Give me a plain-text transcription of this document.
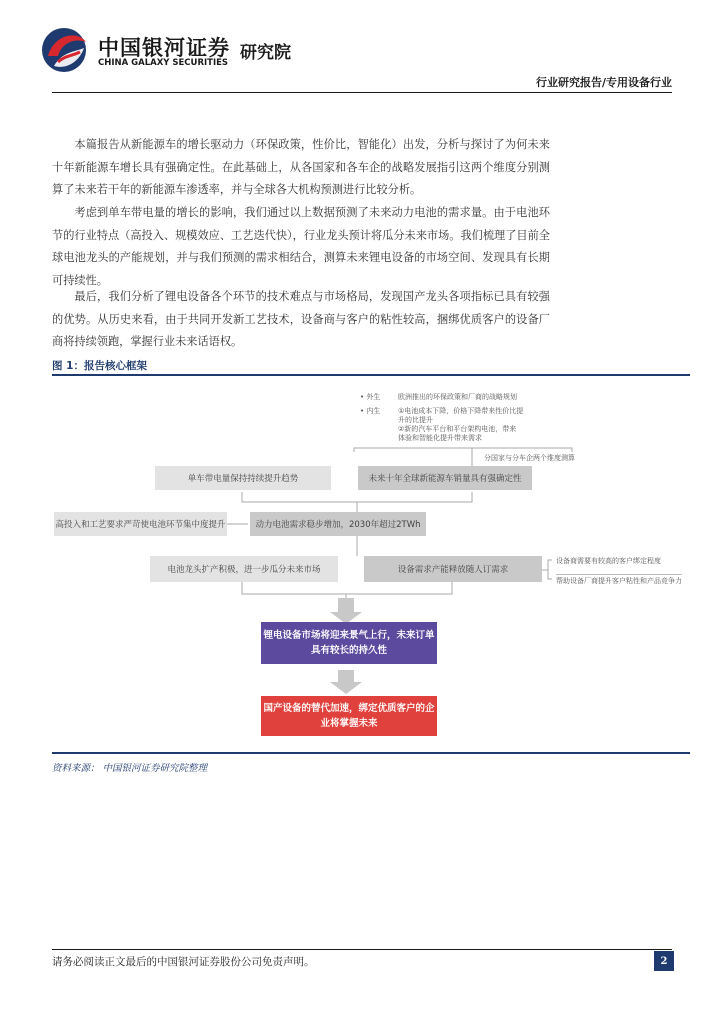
中国银河证券
CHINA GALAXY SECURITIES 研究院
行业研究报告/专用设备行业
本篇报告从新能源车的增长驱动力（环保政策，性价比，智能化）出发，分析与探讨了为何未来十年新能源车增长具有强确定性。在此基础上，从各国家和各车企的战略发展指引这两个维度分别测算了未来若干年的新能源车渗透率，并与全球各大机构预测进行比较分析。
考虑到单车带电量的增长的影响，我们通过以上数据预测了未来动力电池的需求量。由于电池环节的行业特点（高投入、规模效应、工艺迭代快），行业龙头预计将瓜分未来市场。我们梳理了目前全球电池龙头的产能规划，并与我们预测的需求相结合，测算未来锂电设备的市场空间、发现具有长期可持续性。
最后，我们分析了锂电设备各个环节的技术难点与市场格局，发现国产龙头各项指标已具有较强的优势。从历史来看，由于共同开发新工艺技术，设备商与客户的粘性较高，捆绑优质客户的设备厂商将持续领跑，掌握行业未来话语权。
图 1：报告核心框架
• 外生	欧洲推出的环保政策和厂商的战略规划
• 内生	①电池成本下降，价格下降带来性价比提
升的比提升
②新的汽车平台和平台架构电池，带来
体验和智能化提升带来需求
分国家与分车企两个维度测算
单车带电量保持持续提升趋势	未来十年全球新能源车销量具有强确定性
高投入和工艺要求严苛使电池环节集中度提升	动力电池需求稳步增加，2030年超过2TWh
电池龙头扩产积极，进一步瓜分未来市场	设备需求产能释放随人订需求
设备商需要有较高的客户绑定程度
帮助设备厂商提升客户粘性和产品竞争力
锂电设备市场将迎来景气上行，未来订单具有较长的持久性
国产设备的替代加速，绑定优质客户的企业将掌握未来
资料来源： 中国银河证券研究院整理
请务必阅读正文最后的中国银河证券股份公司免责声明。	2
